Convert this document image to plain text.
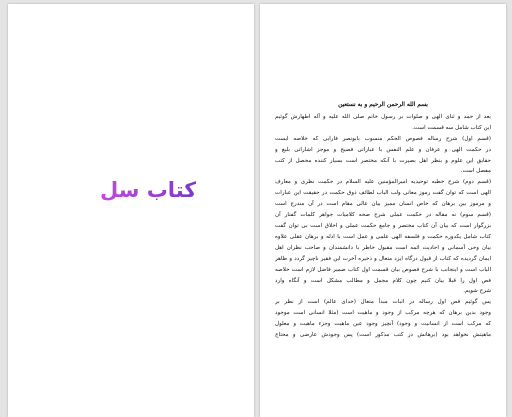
کتاب سل
بسم الله الرحمن الرحیم و به نستعین
بعد از حمد و ثنای الهی و صلوات بر رسول خاتم صلی الله علیه و آله اطهارش گوئیم
این کتاب شامل سه قسمت است.
(قسم اول) شرح رساله فصوص الحکم منسوب بابونصر فارابی که خلاصه ایست
در حکمت الهی و عرفان و علم النفس با عباراتی فصیح و موجز اشاراتی بلیغ و
حقایق این علوم و بنظر اهل بصیرت با آنکه مختصر است بسیار کننده محصل از کتب
مفصل است.
(قسم دوم) شرح خطبه توحیدیه امیرالمؤمنین علیه السلام در حکمت نظری و معارف
الهی است که توان گفت رموز معانی ولب الباب لطائف ذوق حکمت در حقیقت این عبارات
و مرموز بین برهان که خاص انسان ممیز بیان عالی مقام است در آن مندرج است
(قسم سوم) نه مقاله در حکمت عملی شرح صحه کلامیات جواهر کلمات گفتار آن
بزرگوار است که بیان آن کتاب مختصر و جامع حکمت عملی و اخلاق است بی توان گفت
کتاب شامل یکدوره حکمت و فلسفه الهی علمی و عمل است با ادله و برهان عقلی علاوه
بیان وحی آسمانی و احادیث ائمه است مقبول خاطر با دانشمندان و صاحب نظران اهل
ایمان گردیده که کتاب از قبول درگاه ایزد متعال و ذخیره آخرت این فقیر ناچیز گردد و ظاهر
الباب است و اینجانب با شرح فصوص بیان قسمت اول کتاب ضمیر فاضل لازم است خلاصه
فص اول را قبلا بیان کنیم چون کلام مجمل و مطالب مشکل است و آنگاه وارد
شرح شویم.
پس گوئیم فص اول رساله در اثبات مبدأ متعال (خدای عالم) است از نظر بر
وجود بدین برهان که هرچه مرکب از وجود و ماهیت است (مثلا انسانی است موجود
که مرکب است از انسانیت و وجود) آنچیز وجود عین ماهیت وجزء ماهیت و معلول
ماهیتش نخواهد بود (برهانش در کتب مذکور است) پس وجودش عارضی و محتاج
